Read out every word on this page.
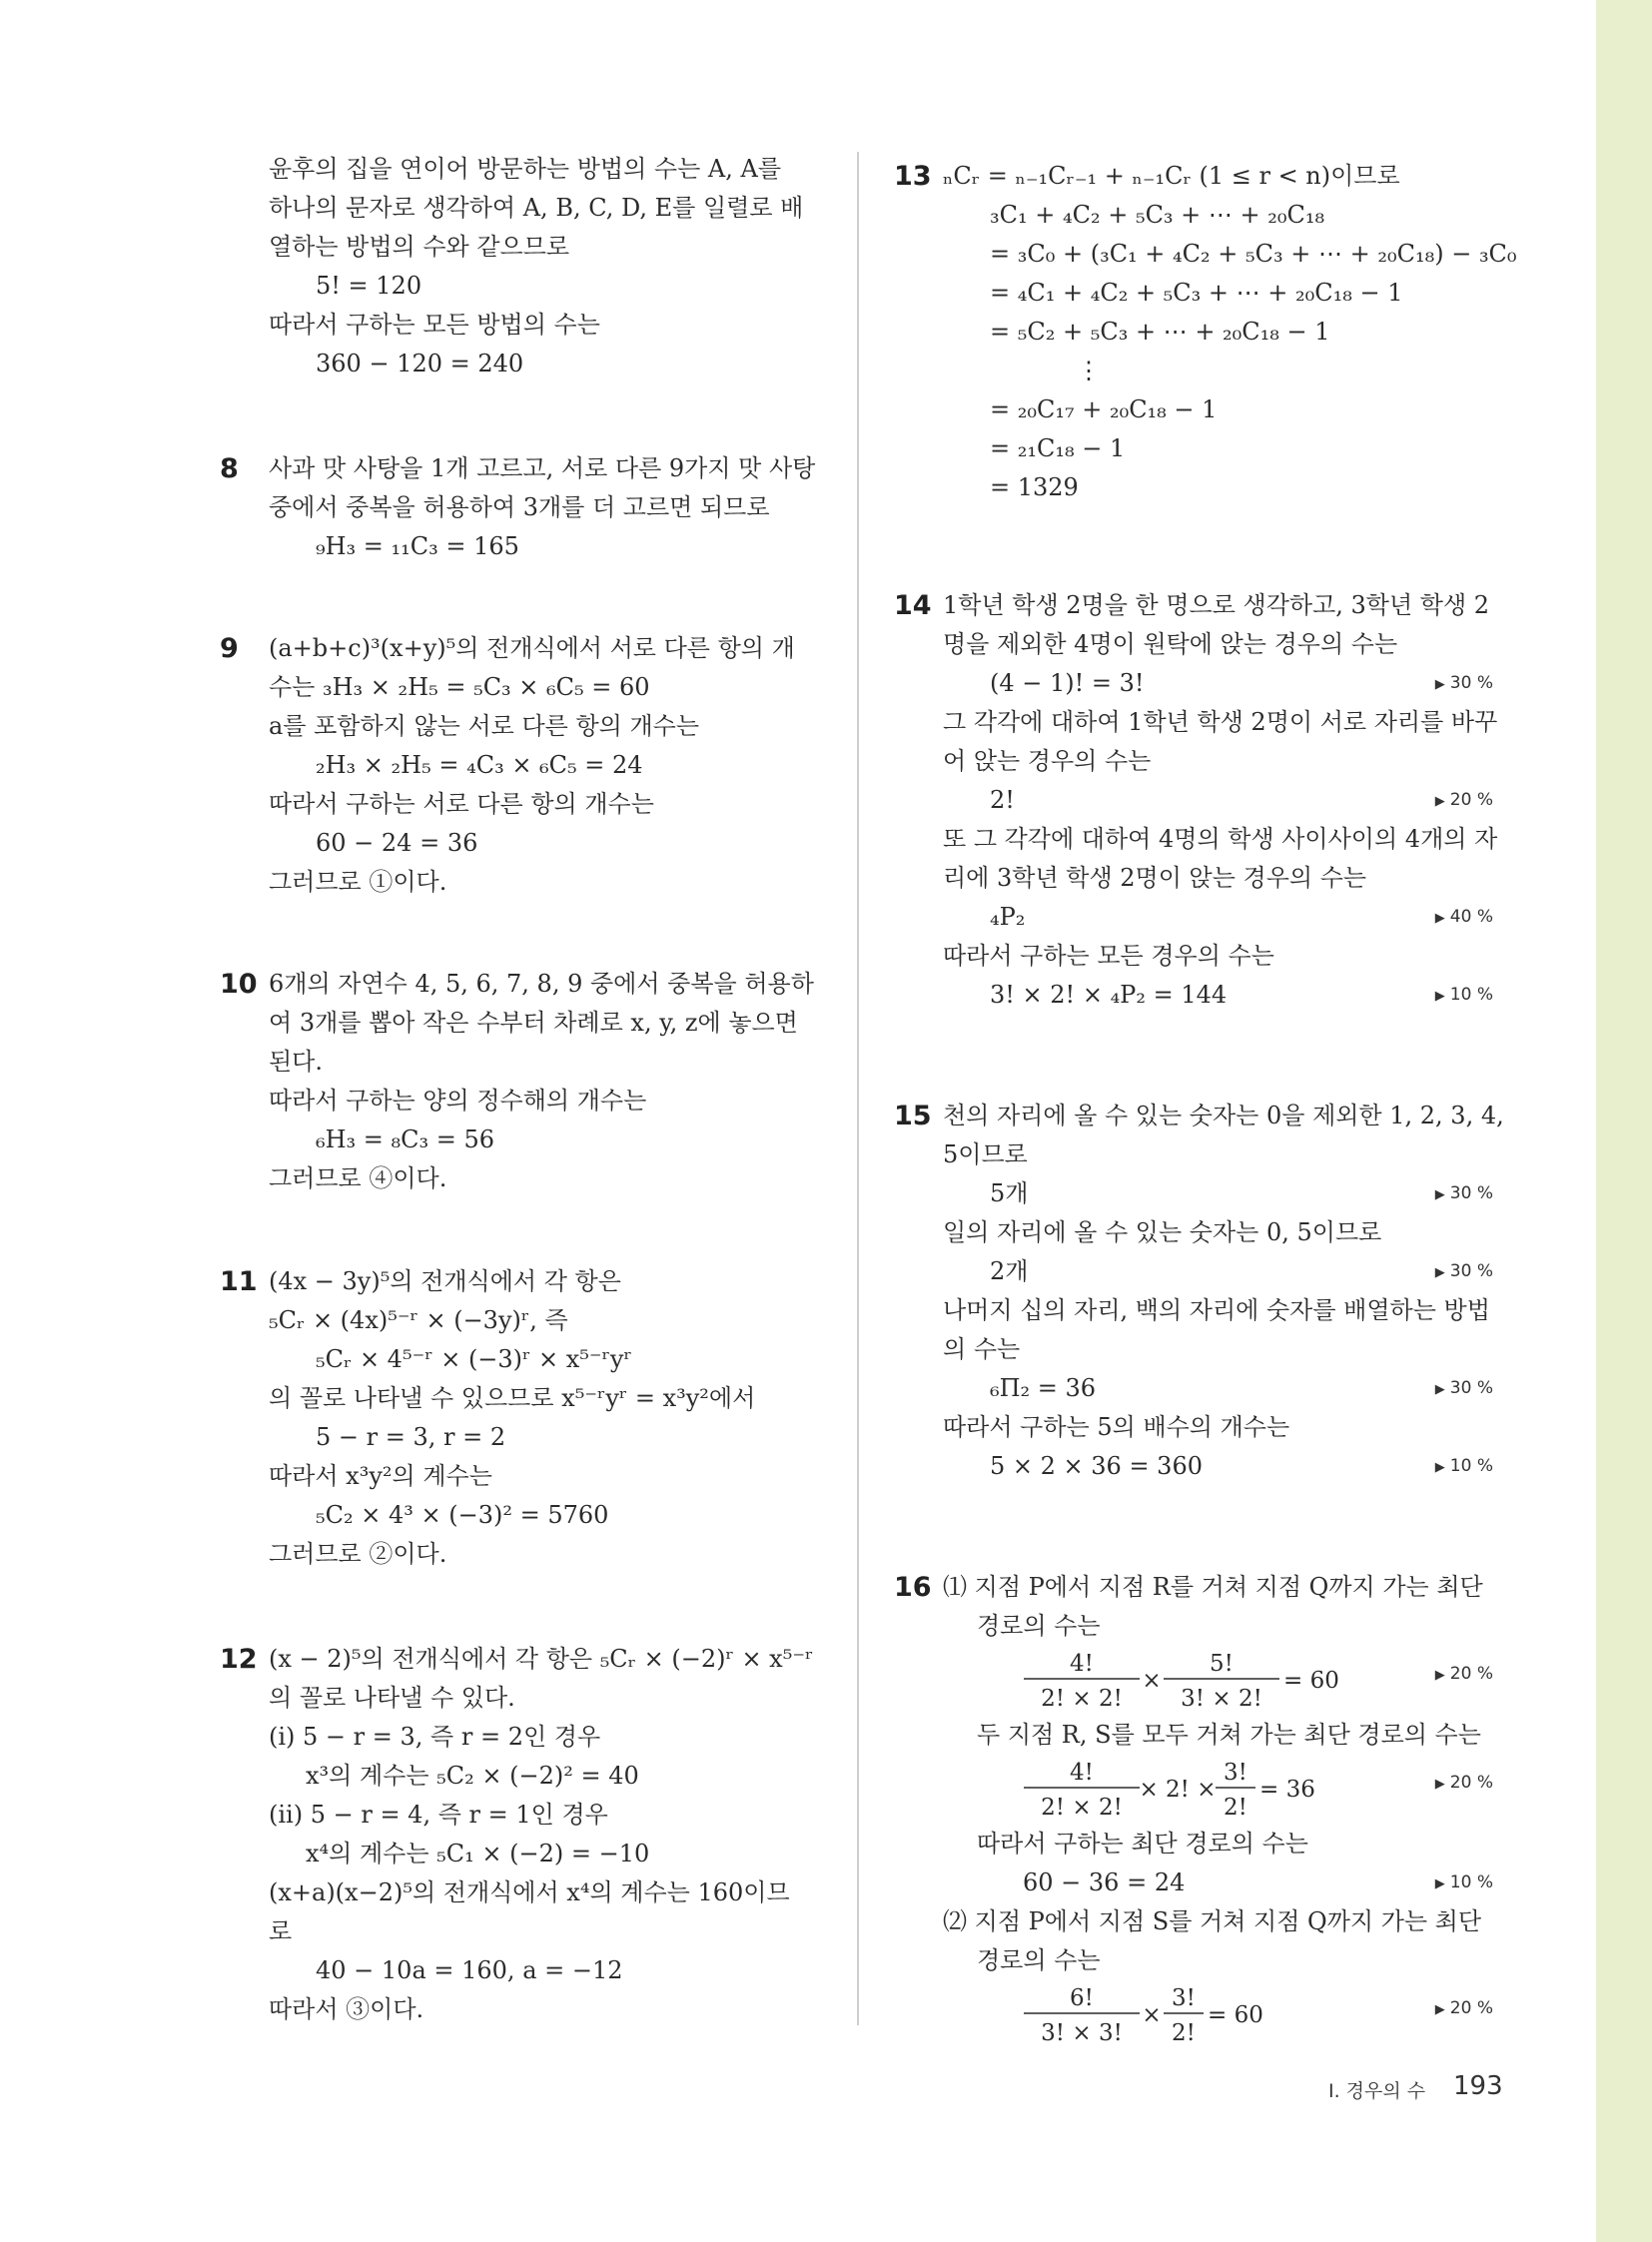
윤후의 집을 연이어 방문하는 방법의 수는 A, A를
하나의 문자로 생각하여 A, B, C, D, E를 일렬로 배
열하는 방법의 수와 같으므로
5! = 120
따라서 구하는 모든 방법의 수는
360 − 120 = 240
8	사과 맛 사탕을 1개 고르고, 서로 다른 9가지 맛 사탕
중에서 중복을 허용하여 3개를 더 고르면 되므로
₉H₃ = ₁₁C₃ = 165
9	(a+b+c)³(x+y)⁵의 전개식에서 서로 다른 항의 개
수는 ₃H₃ × ₂H₅ = ₅C₃ × ₆C₅ = 60
a를 포함하지 않는 서로 다른 항의 개수는
₂H₃ × ₂H₅ = ₄C₃ × ₆C₅ = 24
따라서 구하는 서로 다른 항의 개수는
60 − 24 = 36
그러므로 ①이다.
10 6개의 자연수 4, 5, 6, 7, 8, 9 중에서 중복을 허용하
여 3개를 뽑아 작은 수부터 차례로 x, y, z에 놓으면
된다.
따라서 구하는 양의 정수해의 개수는
₆H₃ = ₈C₃ = 56
그러므로 ④이다.
11 (4x − 3y)⁵의 전개식에서 각 항은
₅Cᵣ × (4x)⁵⁻ʳ × (−3y)ʳ, 즉
₅Cᵣ × 4⁵⁻ʳ × (−3)ʳ × x⁵⁻ʳyʳ
의 꼴로 나타낼 수 있으므로 x⁵⁻ʳyʳ = x³y²에서
5 − r = 3, r = 2
따라서 x³y²의 계수는
₅C₂ × 4³ × (−3)² = 5760
그러므로 ②이다.
12 (x − 2)⁵의 전개식에서 각 항은 ₅Cᵣ × (−2)ʳ × x⁵⁻ʳ
의 꼴로 나타낼 수 있다.
(ⅰ) 5 − r = 3, 즉 r = 2인 경우
x³의 계수는 ₅C₂ × (−2)² = 40
(ⅱ) 5 − r = 4, 즉 r = 1인 경우
x⁴의 계수는 ₅C₁ × (−2) = −10
(x+a)(x−2)⁵의 전개식에서 x⁴의 계수는 160이므
로
40 − 10a = 160, a = −12
따라서 ③이다.
13 ₙCᵣ = ₙ₋₁Cᵣ₋₁ + ₙ₋₁Cᵣ (1 ≤ r < n)이므로
₃C₁ + ₄C₂ + ₅C₃ + ⋯ + ₂₀C₁₈
= ₃C₀ + (₃C₁ + ₄C₂ + ₅C₃ + ⋯ + ₂₀C₁₈) − ₃C₀
= ₄C₁ + ₄C₂ + ₅C₃ + ⋯ + ₂₀C₁₈ − 1
= ₅C₂ + ₅C₃ + ⋯ + ₂₀C₁₈ − 1
⋮
= ₂₀C₁₇ + ₂₀C₁₈ − 1
= ₂₁C₁₈ − 1
= 1329
14 1학년 학생 2명을 한 명으로 생각하고, 3학년 학생 2
명을 제외한 4명이 원탁에 앉는 경우의 수는
(4 − 1)! = 3!	▶ 30 %
그 각각에 대하여 1학년 학생 2명이 서로 자리를 바꾸
어 앉는 경우의 수는
2!	▶ 20 %
또 그 각각에 대하여 4명의 학생 사이사이의 4개의 자
리에 3학년 학생 2명이 앉는 경우의 수는
₄P₂	▶ 40 %
따라서 구하는 모든 경우의 수는
3! × 2! × ₄P₂ = 144	▶ 10 %
15 천의 자리에 올 수 있는 숫자는 0을 제외한 1, 2, 3, 4,
5이므로
5개	▶ 30 %
일의 자리에 올 수 있는 숫자는 0, 5이므로
2개	▶ 30 %
나머지 십의 자리, 백의 자리에 숫자를 배열하는 방법
의 수는
₆Π₂ = 36	▶ 30 %
따라서 구하는 5의 배수의 개수는
5 × 2 × 36 = 360	▶ 10 %
16 ⑴ 지점 P에서 지점 R를 거쳐 지점 Q까지 가는 최단
경로의 수는
4!
2! × 2!
×
5!
3! × 2!
= 60	▶ 20 %
두 지점 R, S를 모두 거쳐 가는 최단 경로의 수는
4!
2! × 2!
× 2! ×
3!
2!
= 36	▶ 20 %
따라서 구하는 최단 경로의 수는
60 − 36 = 24	▶ 10 %
⑵ 지점 P에서 지점 S를 거쳐 지점 Q까지 가는 최단
경로의 수는
6!
3! × 3!
×
3!
2!
= 60	▶ 20 %
I. 경우의 수 193
